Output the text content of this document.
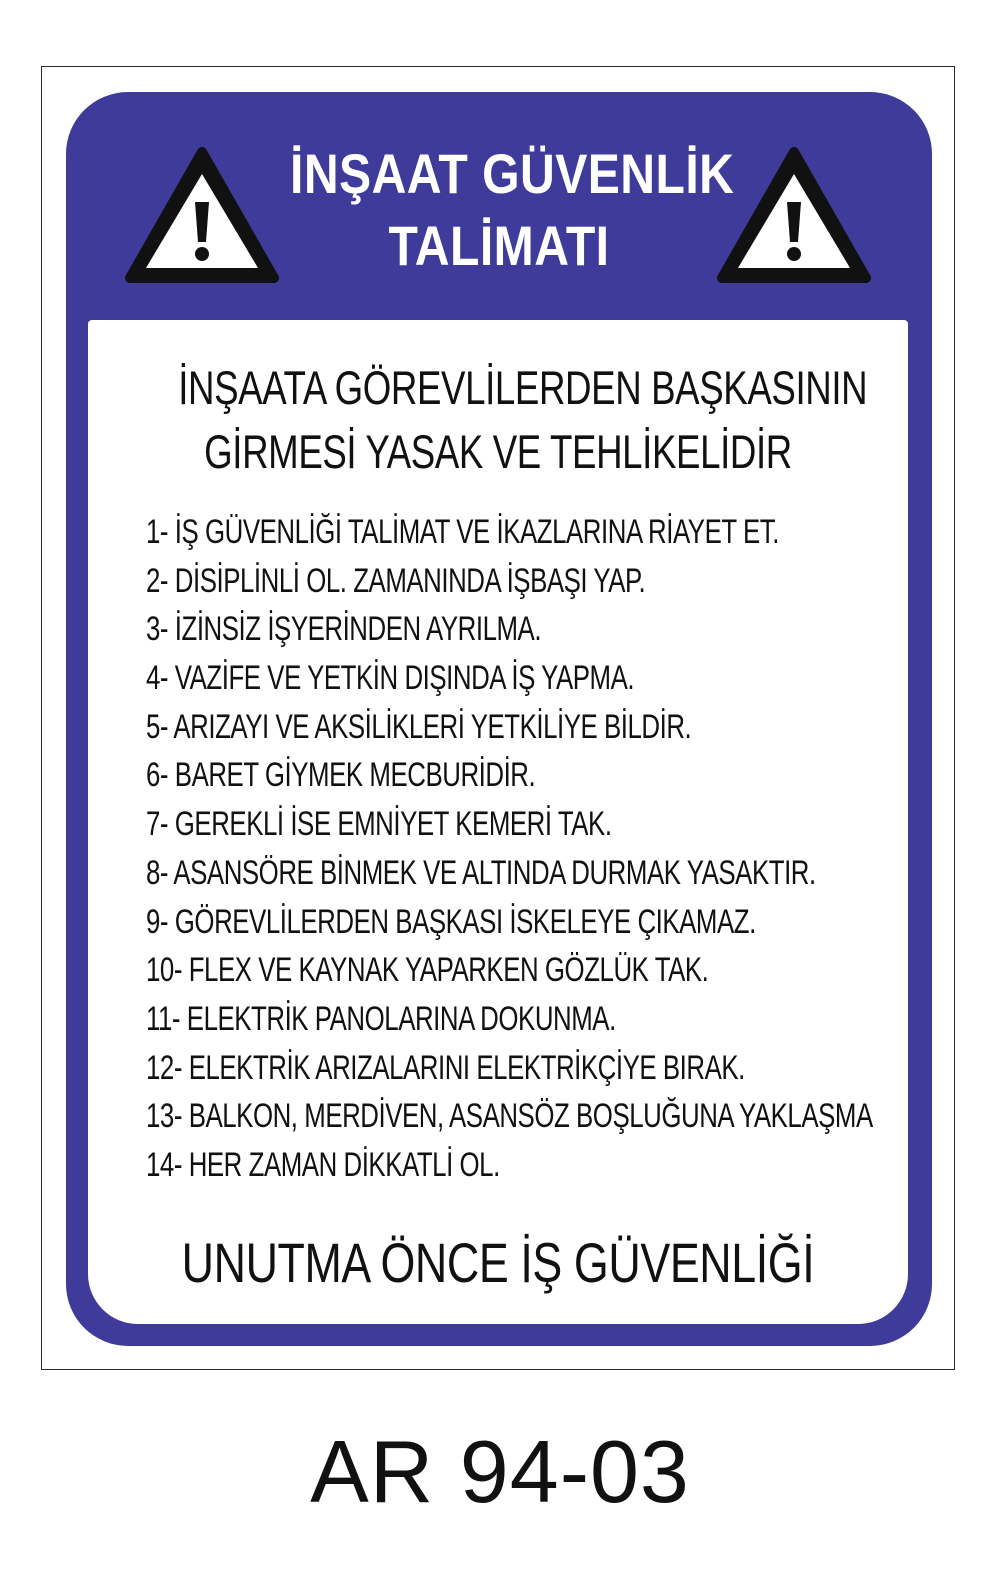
İNŞAAT GÜVENLİK
TALİMATI
İNŞAATA GÖREVLİLERDEN BAŞKASININ
GİRMESİ YASAK VE TEHLİKELİDİR
1- İŞ GÜVENLİĞİ TALİMAT VE İKAZLARINA RİAYET ET.
2- DİSİPLİNLİ OL. ZAMANINDA İŞBAŞI YAP.
3- İZİNSİZ İŞYERİNDEN AYRILMA.
4- VAZİFE VE YETKİN DIŞINDA İŞ YAPMA.
5- ARIZAYI VE AKSİLİKLERİ YETKİLİYE BİLDİR.
6- BARET GİYMEK MECBURİDİR.
7- GEREKLİ İSE EMNİYET KEMERİ TAK.
8- ASANSÖRE BİNMEK VE ALTINDA DURMAK YASAKTIR.
9- GÖREVLİLERDEN BAŞKASI İSKELEYE ÇIKAMAZ.
10- FLEX VE KAYNAK YAPARKEN GÖZLÜK TAK.
11- ELEKTRİK PANOLARINA DOKUNMA.
12- ELEKTRİK ARIZALARINI ELEKTRİKÇİYE BIRAK.
13- BALKON, MERDİVEN, ASANSÖZ BOŞLUĞUNA YAKLAŞMA
14- HER ZAMAN DİKKATLİ OL.
UNUTMA ÖNCE İŞ GÜVENLİĞİ
AR 94-03
